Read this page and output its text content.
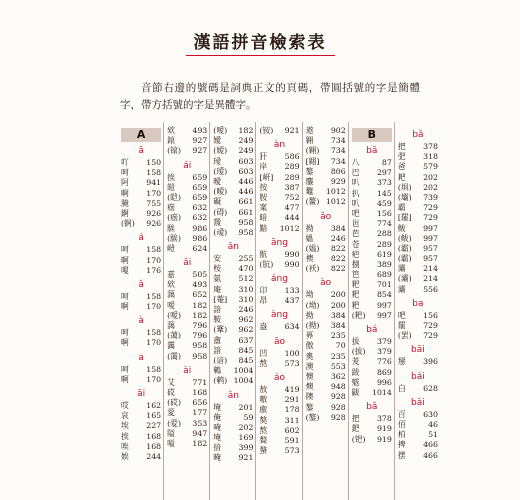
漢語拼音檢索表
音節右邊的號碼是詞典正文的頁碼，帶圓括號的字是簡體字，帶方括號的字是異體字。
A
ā
吖 150
呵 158
阿 941
啊 170
腌 755
錒 926
(锕) 926
á
呵 158
啊 170
嗄 176
ǎ
呵 158
啊 170
à
呵 158
啊 170
a
呵 158
啊 170
āi
哎 162
哀 165
埃 227
挨 168
唉 168
娭 244
欸 493
鎄 927
(锿) 927
ái
挨 659
皚 659
(皑) 659
癌 632
(癌) 632
騃 986
(騃) 986
嵦 624
ǎi
嘉 505
欸 493
藹 652
嗳 182
(嗳) 182
藹 796
(蔼) 796
靄 958
(霭) 958
ài
艾 771
砹 168
(砹) 656
愛 177
(爱) 353
隘 947
嗌 182
(嗳) 182
嬡 249
(嫒) 249
璦 603
(瑷) 603
曖 446
(暧) 446
礙 661
(碍) 661
靉 958
(叆) 958
ān
安 255
桉 470
氨 512
庵 310
[菴] 310
諳 246
鞍 962
(鞌) 962
盦 637
諳 845
(谙) 845
鵪 1004
(鹌) 1004
ǎn
埯 201
俺	59
唵 202
埯 169
揞 399
晻 921
(铵) 921
àn
犴 586
岸 289
[岍] 289
按 387
胺 752
案 477
暗 444
黯 1012
āng
骯 990
(肮) 990
áng
卬 133
昂 437
àng
盎 634
āo
凹 100
熬 573
áo
敖 419
嗷 291
廒 178
獒 311
熬 602
聱 591
螯 573
遨 902
翱 734
(翱) 734
[翶] 734
鏊 806
鏖 929
鼇 1012
(鳌) 1012
ǎo
拗 384
媼 246
(媪) 822
襖 822
(袄) 822
ào
坳 200
(坳) 200
拗 384
(拗) 384
奡 235
傲	70
奧 235
澳 553
懊 362
燠 948
隩 928
鏊 928
(鏊) 928
B
bā
八	87
巴 297
叭 373
扒 145
叭 459
吧 156
岜 774
芭 288
苍 289
疤 619
捌 389
笆 689
粑 701
粑 854
粑 997
(粑) 997
bá
拔 379
(拔) 379
茇 776
跋 869
魃 996
鼥 1014
bǎ
把 378
鈀 919
(钯) 919
bǎ
把 378
弝 318
爸 579
耙 202
(埧) 202
(壩) 739
霸 729
[罷] 729
鲅 997
(鲅) 997
(霸) 957
(霸) 957
灞 214
(灞) 214
灞 556
ba
吧 156
罷 729
(罢) 729
bāi
掰 396
bái
白 628
bǎi
百 630
佰	46
柏	51
捭 466
摆 466
